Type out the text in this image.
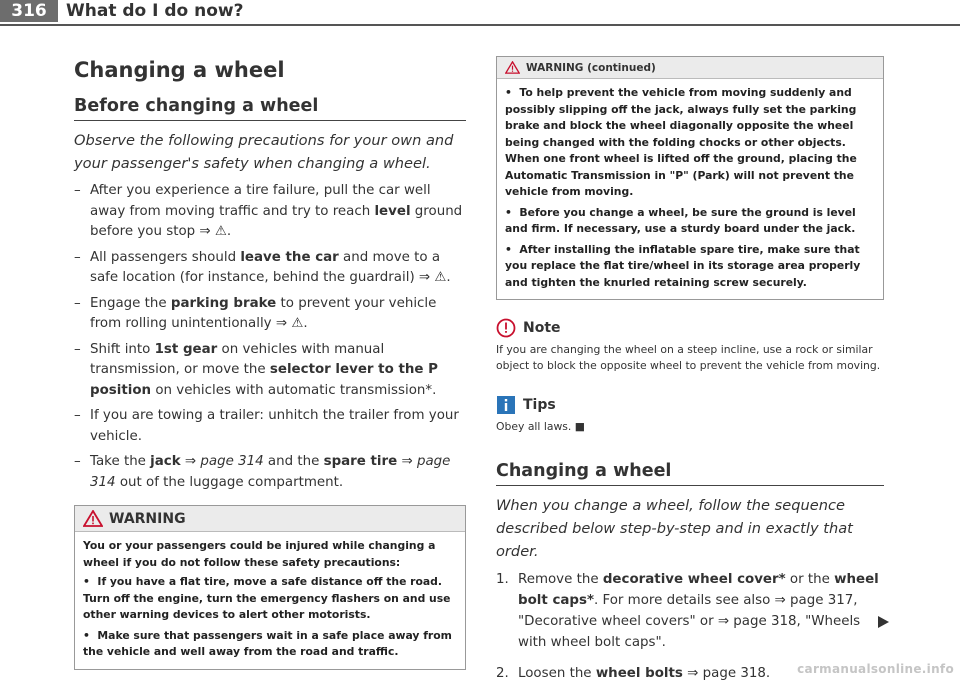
316	What do I do now?
Changing a wheel
Before changing a wheel
Observe the following precautions for your own and your passenger's safety when changing a wheel.
– After you experience a tire failure, pull the car well away from moving traffic and try to reach level ground before you stop ⇒ ⚠.
– All passengers should leave the car and move to a safe location (for instance, behind the guardrail) ⇒ ⚠.
– Engage the parking brake to prevent your vehicle from rolling unintentionally ⇒ ⚠.
– Shift into 1st gear on vehicles with manual transmission, or move the selector lever to the P position on vehicles with automatic transmission*.
– If you are towing a trailer: unhitch the trailer from your vehicle.
– Take the jack ⇒ page 314 and the spare tire ⇒ page 314 out of the luggage compartment.
WARNING

You or your passengers could be injured while changing a wheel if you do not follow these safety precautions:

•  If you have a flat tire, move a safe distance off the road. Turn off the engine, turn the emergency flashers on and use other warning devices to alert other motorists.

•  Make sure that passengers wait in a safe place away from the vehicle and well away from the road and traffic.

WARNING (continued)

•  To help prevent the vehicle from moving suddenly and possibly slipping off the jack, always fully set the parking brake and block the wheel diagonally opposite the wheel being changed with the folding chocks or other objects. When one front wheel is lifted off the ground, placing the Automatic Transmission in "P" (Park) will not prevent the vehicle from moving.

•  Before you change a wheel, be sure the ground is level and firm. If necessary, use a sturdy board under the jack.

•  After installing the inflatable spare tire, make sure that you replace the flat tire/wheel in its storage area properly and tighten the knurled retaining screw securely.

Note

If you are changing the wheel on a steep incline, use a rock or similar object to block the opposite wheel to prevent the vehicle from moving.

Tips

Obey all laws. ■

Changing a wheel
When you change a wheel, follow the sequence described below step-by-step and in exactly that order.
1. Remove the decorative wheel cover* or the wheel bolt caps*. For more details see also ⇒ page 317, "Decorative wheel covers" or ⇒ page 318, "Wheels with wheel bolt caps".
2. Loosen the wheel bolts ⇒ page 318.	carmanualsonline.info
